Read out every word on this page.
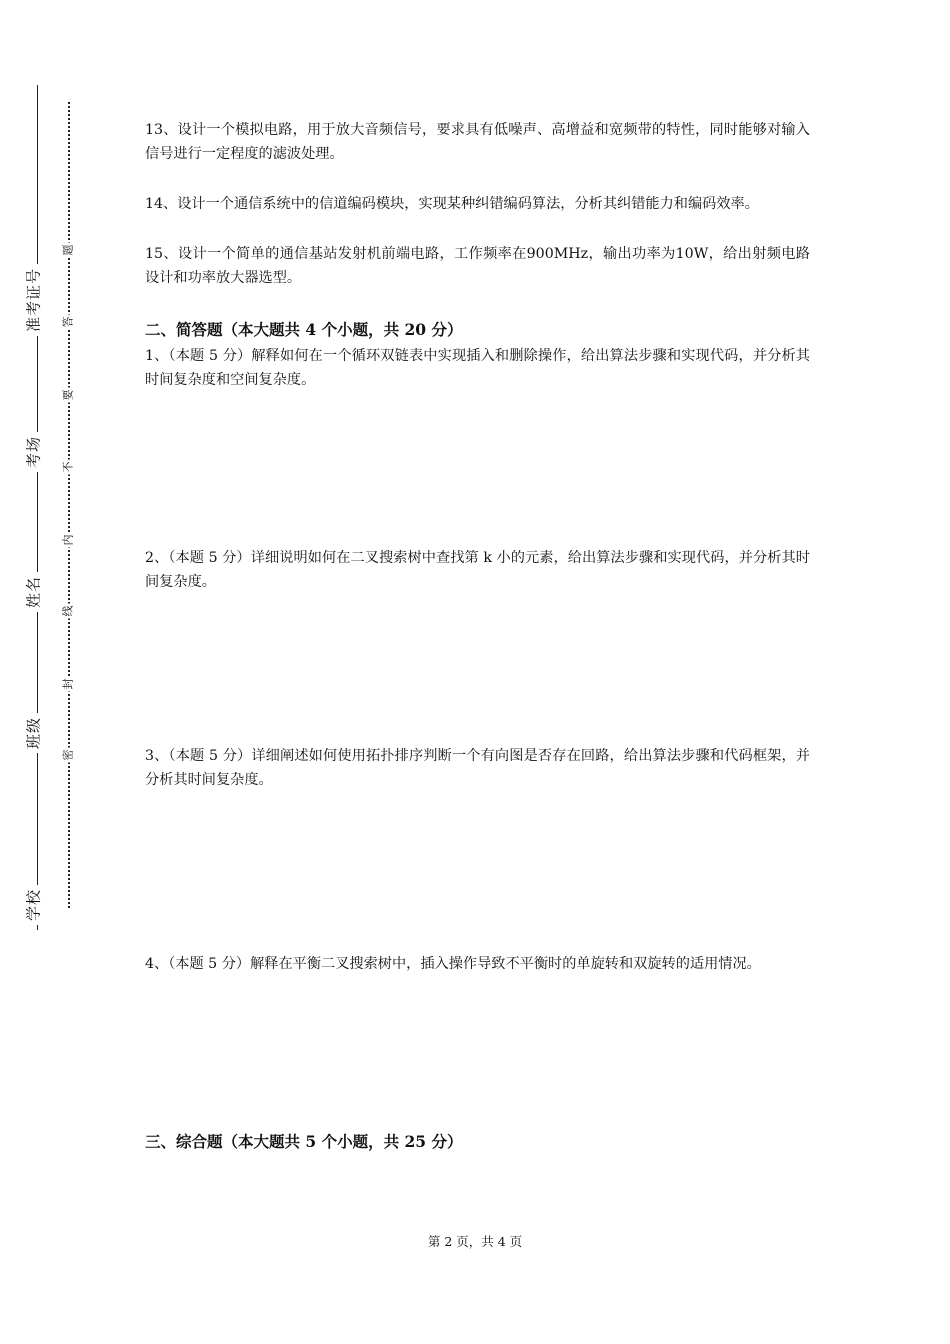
准考证号
考场
姓名
班级
学校
题
答
要
不
内
线
封
密

13、设计一个模拟电路，用于放大音频信号，要求具有低噪声、高增益和宽频带的特性，同时能够对输入信号进行一定程度的滤波处理。

14、设计一个通信系统中的信道编码模块，实现某种纠错编码算法，分析其纠错能力和编码效率。

15、设计一个简单的通信基站发射机前端电路，工作频率在900MHz，输出功率为10W，给出射频电路设计和功率放大器选型。

二、简答题（本大题共 4 个小题，共 20 分）

1、（本题 5 分）解释如何在一个循环双链表中实现插入和删除操作，给出算法步骤和实现代码，并分析其时间复杂度和空间复杂度。

2、（本题 5 分）详细说明如何在二叉搜索树中查找第 k 小的元素，给出算法步骤和实现代码，并分析其时间复杂度。

3、（本题 5 分）详细阐述如何使用拓扑排序判断一个有向图是否存在回路，给出算法步骤和代码框架，并分析其时间复杂度。

4、（本题 5 分）解释在平衡二叉搜索树中，插入操作导致不平衡时的单旋转和双旋转的适用情况。

三、综合题（本大题共 5 个小题，共 25 分）
第 2 页，共 4 页
